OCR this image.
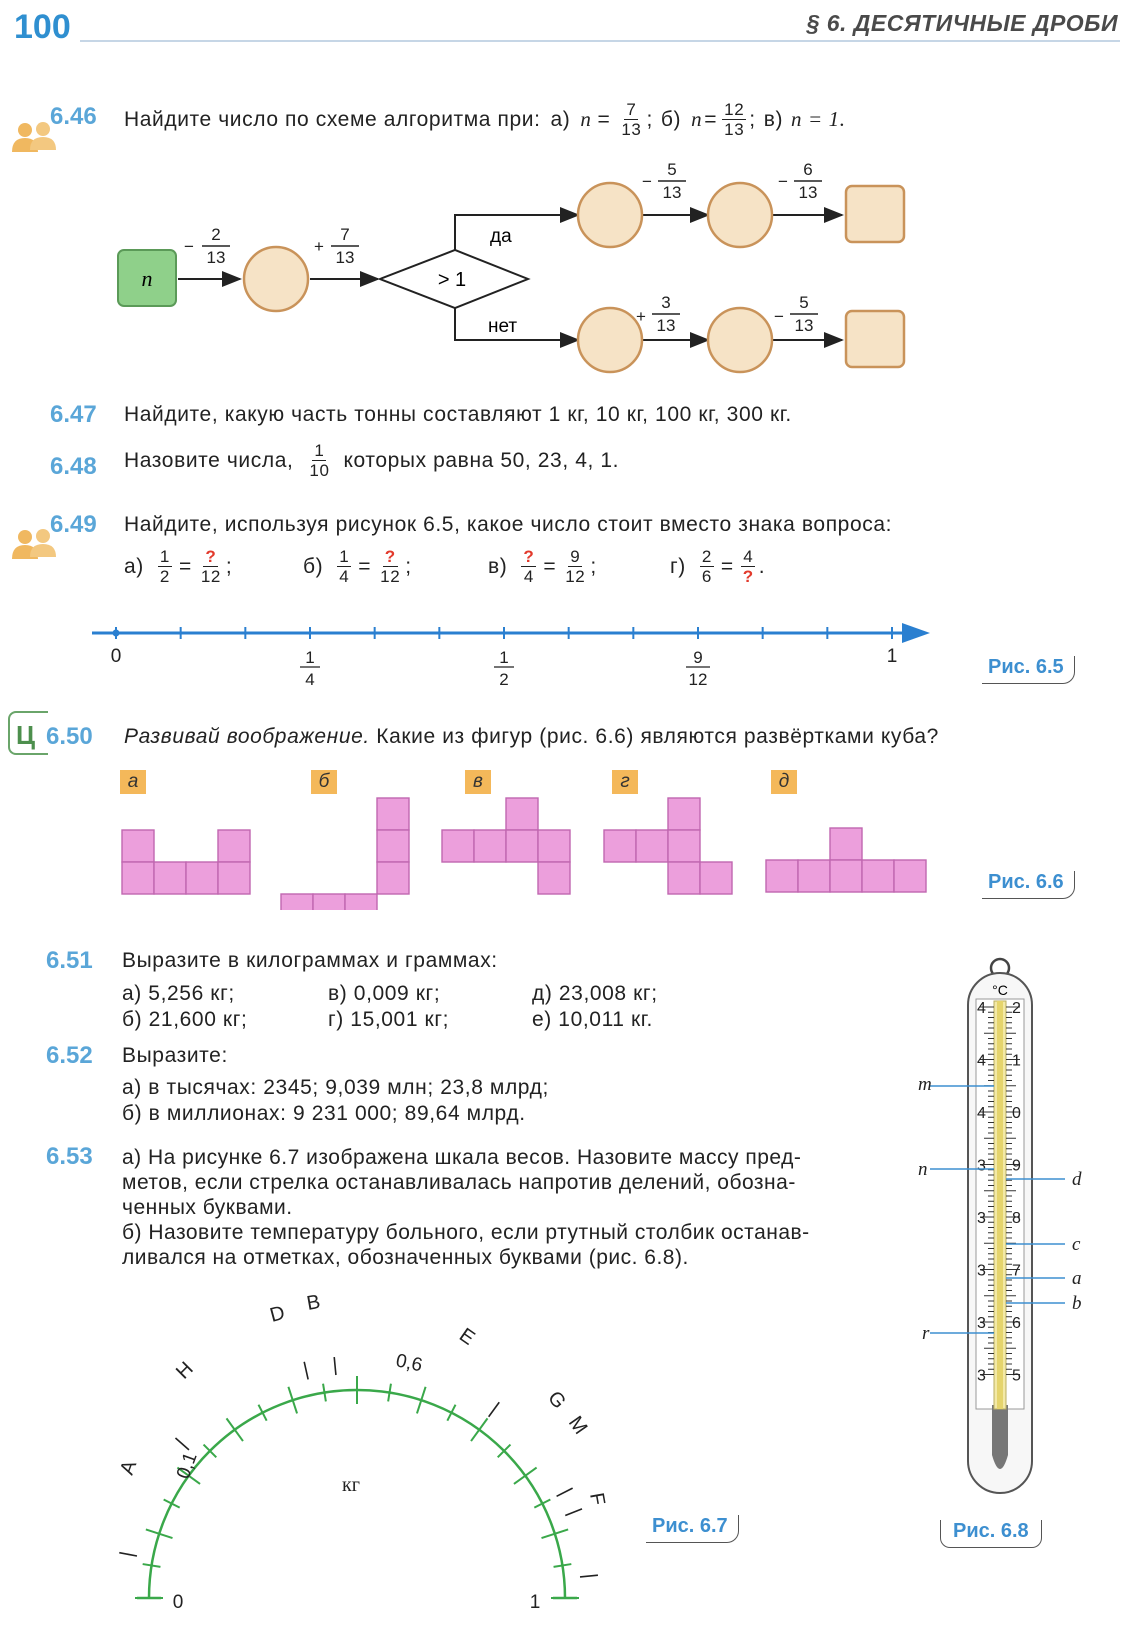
100	§ 6. ДЕСЯТИЧНЫЕ ДРОБИ
6.46 Найдите число по схеме алгоритма при: а) $n = \frac{7}{13}$ ; б) $n = \frac{12}{13}$ ; в) n = 1.
n	> 1
да
нет
−
2
13
+
7
13
−
5
13
−
6
13
+
3
13	−
5
13
6.47 Найдите, какую часть тонны составляют 1 кг, 10 кг, 100 кг, 300 кг.
6.48 Назовите числа, $\frac{1}{10}$ которых равна 50, 23, 4, 1.
6.49 Найдите, используя рисунок 6.5, какое число стоит вместо знака вопроса:
$а) \frac{1}{2} = \frac{?}{12}$ ;	$б) \frac{1}{4} = \frac{?}{12}$ ;	$в) \frac{?}{4} = \frac{9}{12}$ ;	$г) \frac{2}{6} = \frac{4}{?}$ .
0	1
1
4
1
2
9
12
Рис. 6.5
Ц 6.50 Развивай воображение. Какие из фигур (рис. 6.6) являются развёртками куба?
а	б	в	г	д
Рис. 6.6
6.51 Выразите в килограммах и граммах:
а) 5,256 кг;
б) 21,600 кг;
в) 0,009 кг;
г) 15,001 кг;
д) 23,008 кг;
е) 10,011 кг.
6.52 Выразите:
а) в тысячах: 2345; 9,039 млн; 23,8 млрд;
б) в миллионах: 9 231 000; 89,64 млрд.
6.53 а) На рисунке 6.7 изображена шкала весов. Назовите массу пред-
метов, если стрелка останавливалась напротив делений, обозна-
ченных буквами.
б) Назовите температуру больного, если ртутный столбик останав-
ливался на отметках, обозначенных буквами (рис. 6.8).
0	1
кг
0,1
0,6
A
H
D B
E
G
M
F
Рис. 6.7
°С
4 2
4 1
4 0
3 9
3 8
3 7
3 6
3 5
m
n
r
d
c
a
b
Рис. 6.8
